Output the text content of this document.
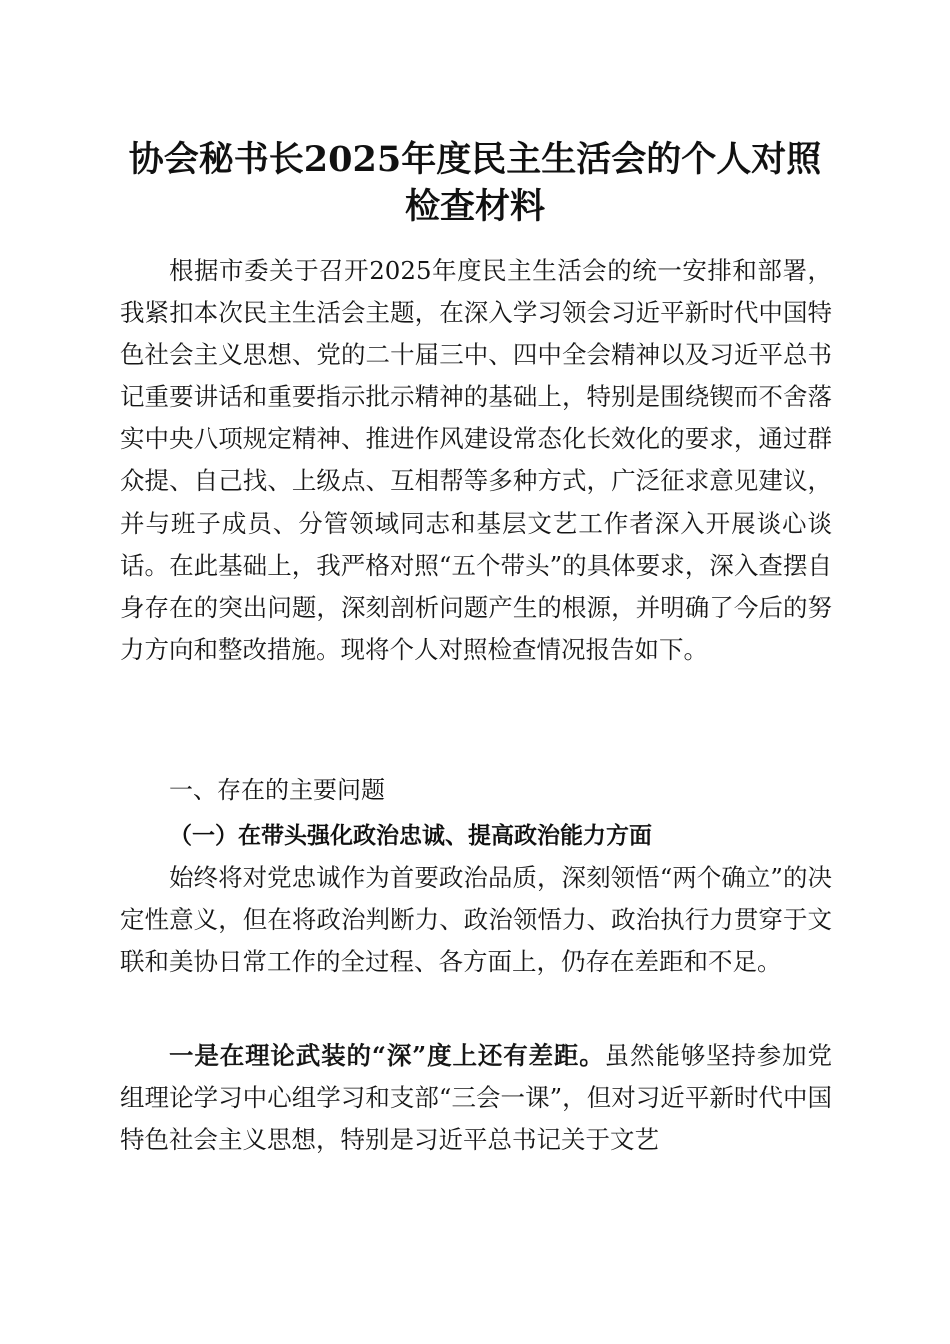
协会秘书长2025年度民主生活会的个人对照
检查材料

根据市委关于召开2025年度民主生活会的统一安排和部署，我紧扣本次民主生活会主题，在深入学习领会习近平新时代中国特色社会主义思想、党的二十届三中、四中全会精神以及习近平总书记重要讲话和重要指示批示精神的基础上，特别是围绕锲而不舍落实中央八项规定精神、推进作风建设常态化长效化的要求，通过群众提、自己找、上级点、互相帮等多种方式，广泛征求意见建议，并与班子成员、分管领域同志和基层文艺工作者深入开展谈心谈话。在此基础上，我严格对照“五个带头”的具体要求，深入查摆自身存在的突出问题，深刻剖析问题产生的根源，并明确了今后的努力方向和整改措施。现将个人对照检查情况报告如下。

一、存在的主要问题
（一）在带头强化政治忠诚、提高政治能力方面

始终将对党忠诚作为首要政治品质，深刻领悟“两个确立”的决定性意义，但在将政治判断力、政治领悟力、政治执行力贯穿于文联和美协日常工作的全过程、各方面上，仍存在差距和不足。

一是在理论武装的“深”度上还有差距。虽然能够坚持参加党组理论学习中心组学习和支部“三会一课”，但对习近平新时代中国特色社会主义思想，特别是习近平总书记关于文艺
